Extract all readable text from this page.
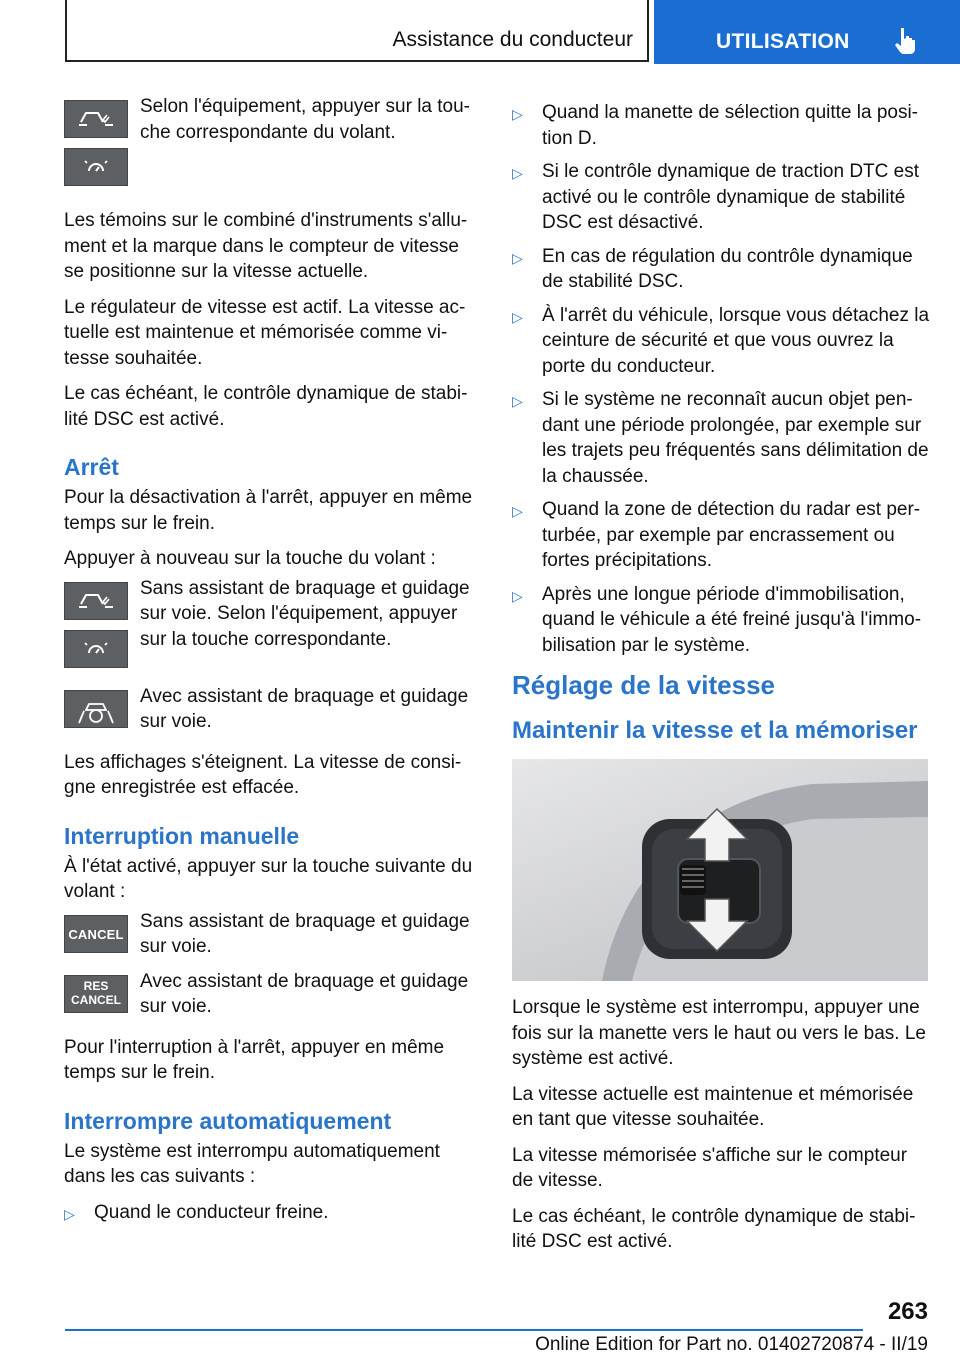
Assistance du conducteur	UTILISATION
Selon l'équipement, appuyer sur la tou-che correspondante du volant.

Les témoins sur le combiné d'instruments s'allu-ment et la marque dans le compteur de vitesse se positionne sur la vitesse actuelle.

Le régulateur de vitesse est actif. La vitesse ac-tuelle est maintenue et mémorisée comme vi-tesse souhaitée.

Le cas échéant, le contrôle dynamique de stabi-lité DSC est activé.

Arrêt

Pour la désactivation à l'arrêt, appuyer en même temps sur le frein.

Appuyer à nouveau sur la touche du volant :

Sans assistant de braquage et guidage sur voie. Selon l'équipement, appuyer sur la touche correspondante.
Avec assistant de braquage et guidage sur voie.

Les affichages s'éteignent. La vitesse de consi-gne enregistrée est effacée.

Interruption manuelle

À l'état activé, appuyer sur la touche suivante du volant :

CANCEL
Sans assistant de braquage et guidage sur voie.
RES
CANCEL
Avec assistant de braquage et guidage sur voie.

Pour l'interruption à l'arrêt, appuyer en même temps sur le frein.

Interrompre automatiquement

Le système est interrompu automatiquement dans les cas suivants :

▷ Quand le conducteur freine.
▷ Quand la manette de sélection quitte la posi-tion D.
▷ Si le contrôle dynamique de traction DTC est activé ou le contrôle dynamique de stabilité DSC est désactivé.
▷ En cas de régulation du contrôle dynamique de stabilité DSC.
▷ À l'arrêt du véhicule, lorsque vous détachez la ceinture de sécurité et que vous ouvrez la porte du conducteur.
▷ Si le système ne reconnaît aucun objet pen-dant une période prolongée, par exemple sur les trajets peu fréquentés sans délimitation de la chaussée.
▷ Quand la zone de détection du radar est per-turbée, par exemple par encrassement ou fortes précipitations.
▷ Après une longue période d'immobilisation, quand le véhicule a été freiné jusqu'à l'immo-bilisation par le système.
Réglage de la vitesse
Maintenir la vitesse et la mémoriser

Lorsque le système est interrompu, appuyer une fois sur la manette vers le haut ou vers le bas. Le système est activé.

La vitesse actuelle est maintenue et mémorisée en tant que vitesse souhaitée.

La vitesse mémorisée s'affiche sur le compteur de vitesse.

Le cas échéant, le contrôle dynamique de stabi-lité DSC est activé.

263
Online Edition for Part no. 01402720874 - II/19
